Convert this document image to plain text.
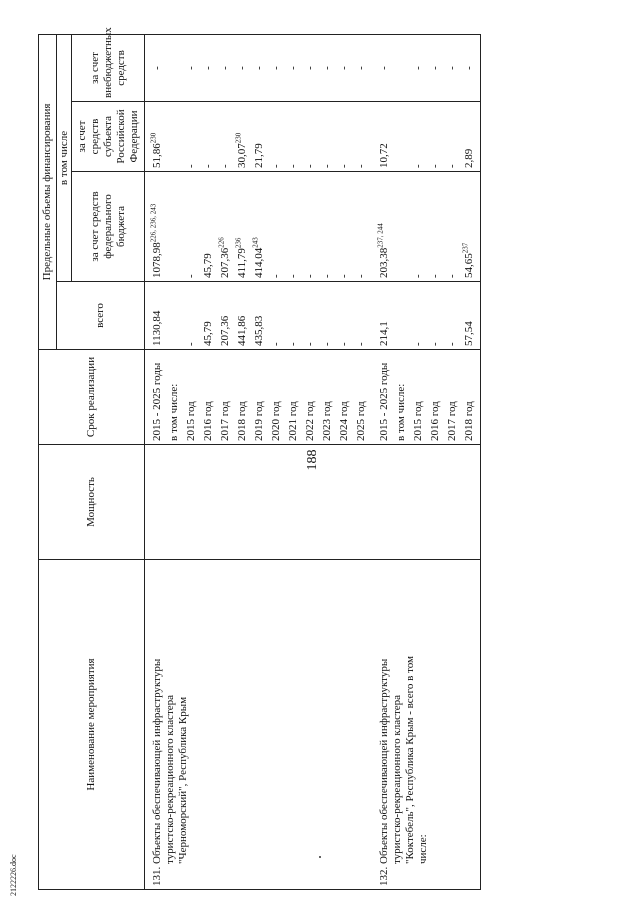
188
2122226.doc
Наименование мероприятия	Мощность	Срок реализации	Предельные объемы финансирования			
			всего	в том числе		
				за счет средств федерального бюджета	за счет средств субъекта Российской Федерации	за счет внебюджетных средств
131.Объекты обеспечивающей инфраструктуры туристско-рекреационного кластера "Черноморский", Республика Крым		2015 - 2025 годы	1130,84	1078,98$^{226, 236, 243}$	51,86$^{230}$	-
		в том числе:				
		2015 год	-	-	-	-
		2016 год	45,79	45,79	-	-
		2017 год	207,36	207,36$^{226}$	-	-
		2018 год	441,86	411,79$^{236}$	30,07$^{230}$	-
		2019 год	435,83	414,04$^{243}$	21,79	-
		2020 год	-	-	-	-
		2021 год	-	-	-	-
		2022 год	-	-	-	-
		2023 год	-	-	-	-
		2024 год	-	-	-	-
		2025 год	-	-	-	-
132.Объекты обеспечивающей инфраструктуры туристско-рекреационного кластера "Коктебель", Республика Крым - всего в том числе:		2015 - 2025 годы	214,1	203,38$^{237, 244}$	10,72	-
		в том числе:				
		2015 год	-	-	-	-
		2016 год	-	-	-	-
		2017 год	-	-	-	-
		2018 год	57,54	54,65$^{237}$	2,89	-
